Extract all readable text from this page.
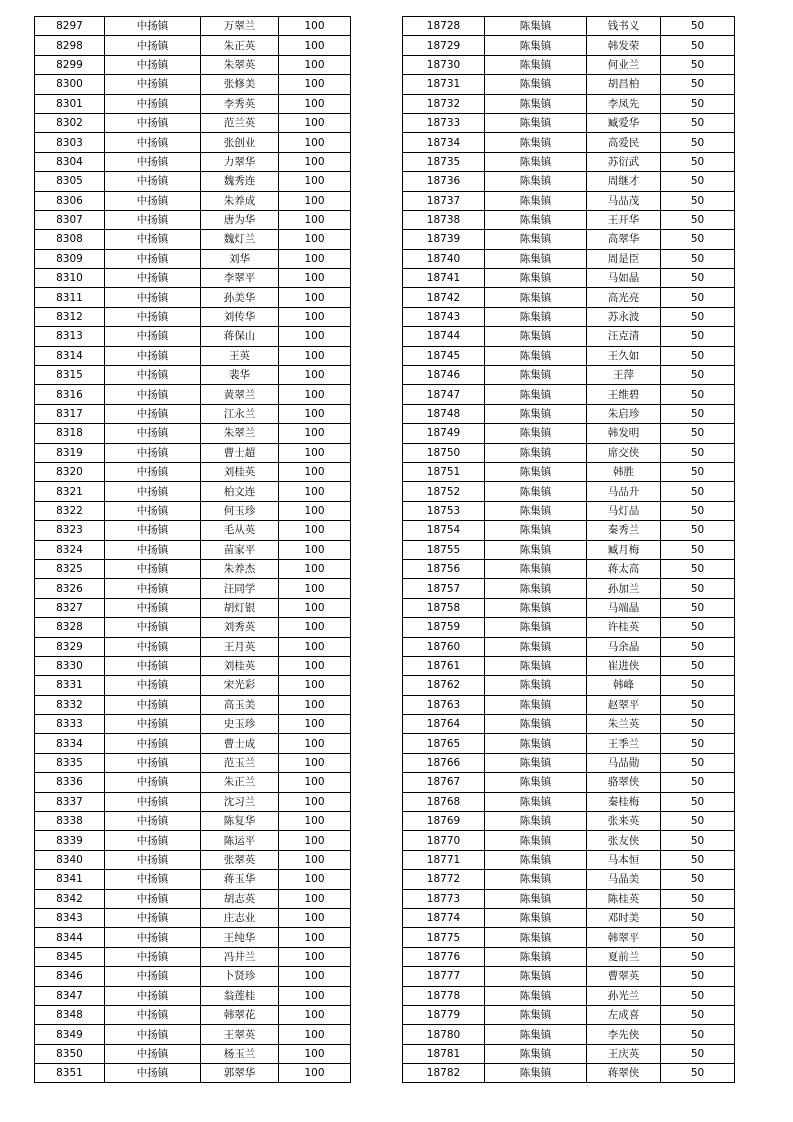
8297	中扬镇	万翠兰	100
8298	中扬镇	朱正英	100
8299	中扬镇	朱翠英	100
8300	中扬镇	张修美	100
8301	中扬镇	李秀英	100
8302	中扬镇	范兰英	100
8303	中扬镇	张创业	100
8304	中扬镇	力翠华	100
8305	中扬镇	魏秀连	100
8306	中扬镇	朱养成	100
8307	中扬镇	唐为华	100
8308	中扬镇	魏灯兰	100
8309	中扬镇	刘华	100
8310	中扬镇	李翠平	100
8311	中扬镇	孙美华	100
8312	中扬镇	刘传华	100
8313	中扬镇	蒋保山	100
8314	中扬镇	王英	100
8315	中扬镇	裴华	100
8316	中扬镇	黄翠兰	100
8317	中扬镇	江永兰	100
8318	中扬镇	朱翠兰	100
8319	中扬镇	曹士超	100
8320	中扬镇	刘桂英	100
8321	中扬镇	柏文连	100
8322	中扬镇	何玉珍	100
8323	中扬镇	毛从英	100
8324	中扬镇	苗家平	100
8325	中扬镇	朱养杰	100
8326	中扬镇	汪同学	100
8327	中扬镇	胡灯银	100
8328	中扬镇	刘秀英	100
8329	中扬镇	王月英	100
8330	中扬镇	刘桂英	100
8331	中扬镇	宋光彩	100
8332	中扬镇	高玉美	100
8333	中扬镇	史玉珍	100
8334	中扬镇	曹士成	100
8335	中扬镇	范玉兰	100
8336	中扬镇	朱正兰	100
8337	中扬镇	沈习兰	100
8338	中扬镇	陈复华	100
8339	中扬镇	陈运平	100
8340	中扬镇	张翠英	100
8341	中扬镇	蒋玉华	100
8342	中扬镇	胡志英	100
8343	中扬镇	庄志业	100
8344	中扬镇	王纯华	100
8345	中扬镇	冯井兰	100
8346	中扬镇	卜贤珍	100
8347	中扬镇	翁莲桂	100
8348	中扬镇	韩翠花	100
8349	中扬镇	王翠英	100
8350	中扬镇	杨玉兰	100
8351	中扬镇	郭翠华	100
18728	陈集镇	钱书义	50
18729	陈集镇	韩发荣	50
18730	陈集镇	何业兰	50
18731	陈集镇	胡昌柏	50
18732	陈集镇	李凤先	50
18733	陈集镇	臧爱华	50
18734	陈集镇	高爱民	50
18735	陈集镇	苏衍武	50
18736	陈集镇	周继才	50
18737	陈集镇	马品茂	50
18738	陈集镇	王开华	50
18739	陈集镇	高翠华	50
18740	陈集镇	周是臣	50
18741	陈集镇	马如晶	50
18742	陈集镇	高光亮	50
18743	陈集镇	苏永波	50
18744	陈集镇	汪克清	50
18745	陈集镇	王久如	50
18746	陈集镇	王萍	50
18747	陈集镇	王维碧	50
18748	陈集镇	朱启珍	50
18749	陈集镇	韩发明	50
18750	陈集镇	席交侠	50
18751	陈集镇	韩胜	50
18752	陈集镇	马品升	50
18753	陈集镇	马灯品	50
18754	陈集镇	秦秀兰	50
18755	陈集镇	臧月梅	50
18756	陈集镇	蒋太高	50
18757	陈集镇	孙加兰	50
18758	陈集镇	马端晶	50
18759	陈集镇	许桂英	50
18760	陈集镇	马余晶	50
18761	陈集镇	崔进侠	50
18762	陈集镇	韩峰	50
18763	陈集镇	赵翠平	50
18764	陈集镇	朱兰英	50
18765	陈集镇	王季兰	50
18766	陈集镇	马品勋	50
18767	陈集镇	骆翠侠	50
18768	陈集镇	秦桂梅	50
18769	陈集镇	张来英	50
18770	陈集镇	张友侠	50
18771	陈集镇	马本恒	50
18772	陈集镇	马晶美	50
18773	陈集镇	陈桂英	50
18774	陈集镇	邓时美	50
18775	陈集镇	韩翠平	50
18776	陈集镇	夏前兰	50
18777	陈集镇	曹翠英	50
18778	陈集镇	孙光兰	50
18779	陈集镇	左成喜	50
18780	陈集镇	李先侠	50
18781	陈集镇	王庆英	50
18782	陈集镇	蒋翠侠	50
